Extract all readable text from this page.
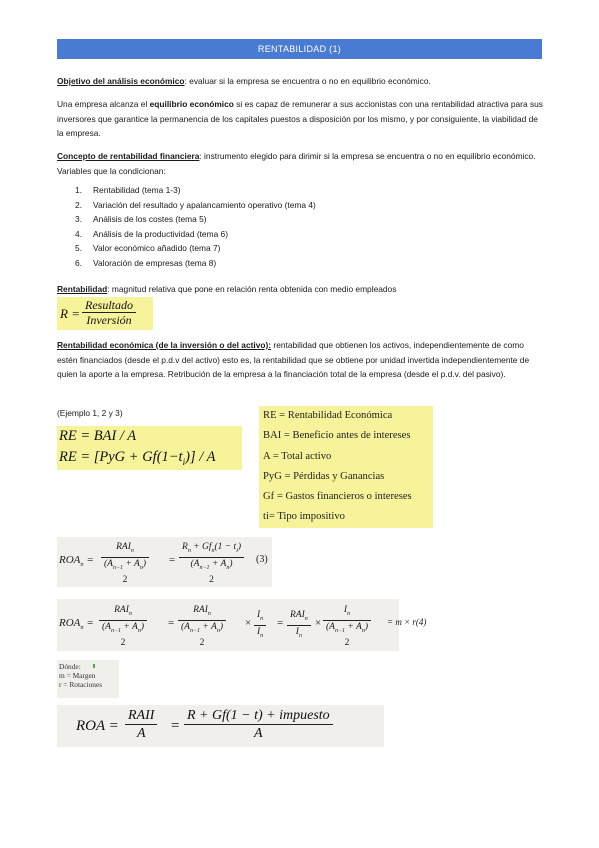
RENTABILIDAD (1)
Objetivo del análisis económico: evaluar si la empresa se encuentra o no en equilibrio económico.
Una empresa alcanza el equilibrio económico si es capaz de remunerar a sus accionistas con una rentabilidad atractiva para sus inversores que garantice la permanencia de los capitales puestos a disposición por los mismo, y por consiguiente, la viabilidad de la empresa.
Concepto de rentabilidad financiera: instrumento elegido para dirimir si la empresa se encuentra o no en equilibrio económico. Variables que la condicionan:
1. Rentabilidad (tema 1-3)
2. Variación del resultado y apalancamiento operativo (tema 4)
3. Análisis de los costes (tema 5)
4. Análisis de la productividad (tema 6)
5. Valor económico añadido (tema 7)
6. Valoración de empresas (tema 8)
Rentabilidad: magnitud relativa que pone en relación renta obtenida con medio empleados
R =
Resultado
Inversión
Rentabilidad económica (de la inversión o del activo): rentabilidad que obtienen los activos, independientemente de como estén financiados (desde el p.d.v del activo) esto es, la rentabilidad que se obtiene por unidad invertida independientemente de quien la aporte a la empresa. Retribución de la empresa a la financiación total de la empresa (desde el p.d.v. del pasivo).
(Ejemplo 1, 2 y 3)
RE = BAI / A
RE = $[PyG + Gf(1-t_i)] / A$
RE = Rentabilidad Económica
BAI = Beneficio antes de intereses
A = Total activo
PyG = Pérdidas y Ganancias
Gf = Gastos financieros o intereses
ti= Tipo impositivo
$ROA_n$ =
$RAI_n$
$(A_{n-1} + A_n)$
2
=
$R_n + Gf_n(1 - t_i)$
$(A_{n-1} + A_n)$
2
(3)
$ROA_n$ =
$RAI_n$
$(A_{n-1} + A_n)$
2
=
$RAI_n$
$(A_{n-1} + A_n)$
2
× $\frac{I_n}{I_n}$ =
$RAI_n$
$I_n$
×
$I_n$
$(A_{n-1} + A_n)$
2
= m × r(4)
Dónde:
m = Margen
r = Rotaciones
ROA =
RAII
A	=
R + Gf(1 − t) + impuesto
A
